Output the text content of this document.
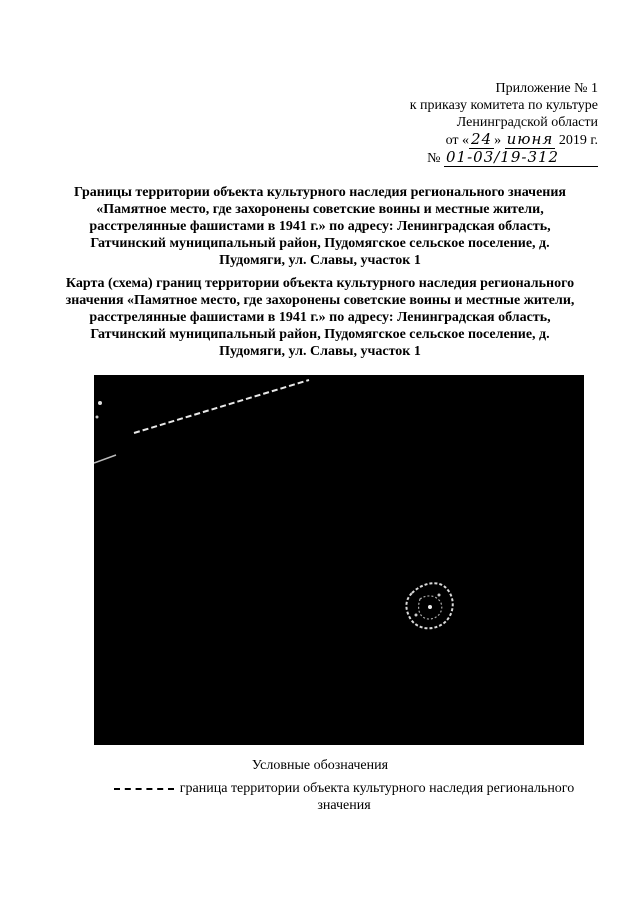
Приложение № 1
к приказу комитета по культуре
Ленинградской области
от « 24 » июня 2019 г.
№ 01-03/19-312
Границы территории объекта культурного наследия регионального значения «Памятное место, где захоронены советские воины и местные жители, расстрелянные фашистами в 1941 г.» по адресу: Ленинградская область, Гатчинский муниципальный район, Пудомягское сельское поселение, д. Пудомяги, ул. Славы, участок 1
Карта (схема) границ территории объекта культурного наследия регионального значения «Памятное место, где захоронены советские воины и местные жители, расстрелянные фашистами в 1941 г.» по адресу: Ленинградская область, Гатчинский муниципальный район, Пудомягское сельское поселение, д. Пудомяги, ул. Славы, участок 1
Условные обозначения
граница территории объекта культурного наследия регионального значения
